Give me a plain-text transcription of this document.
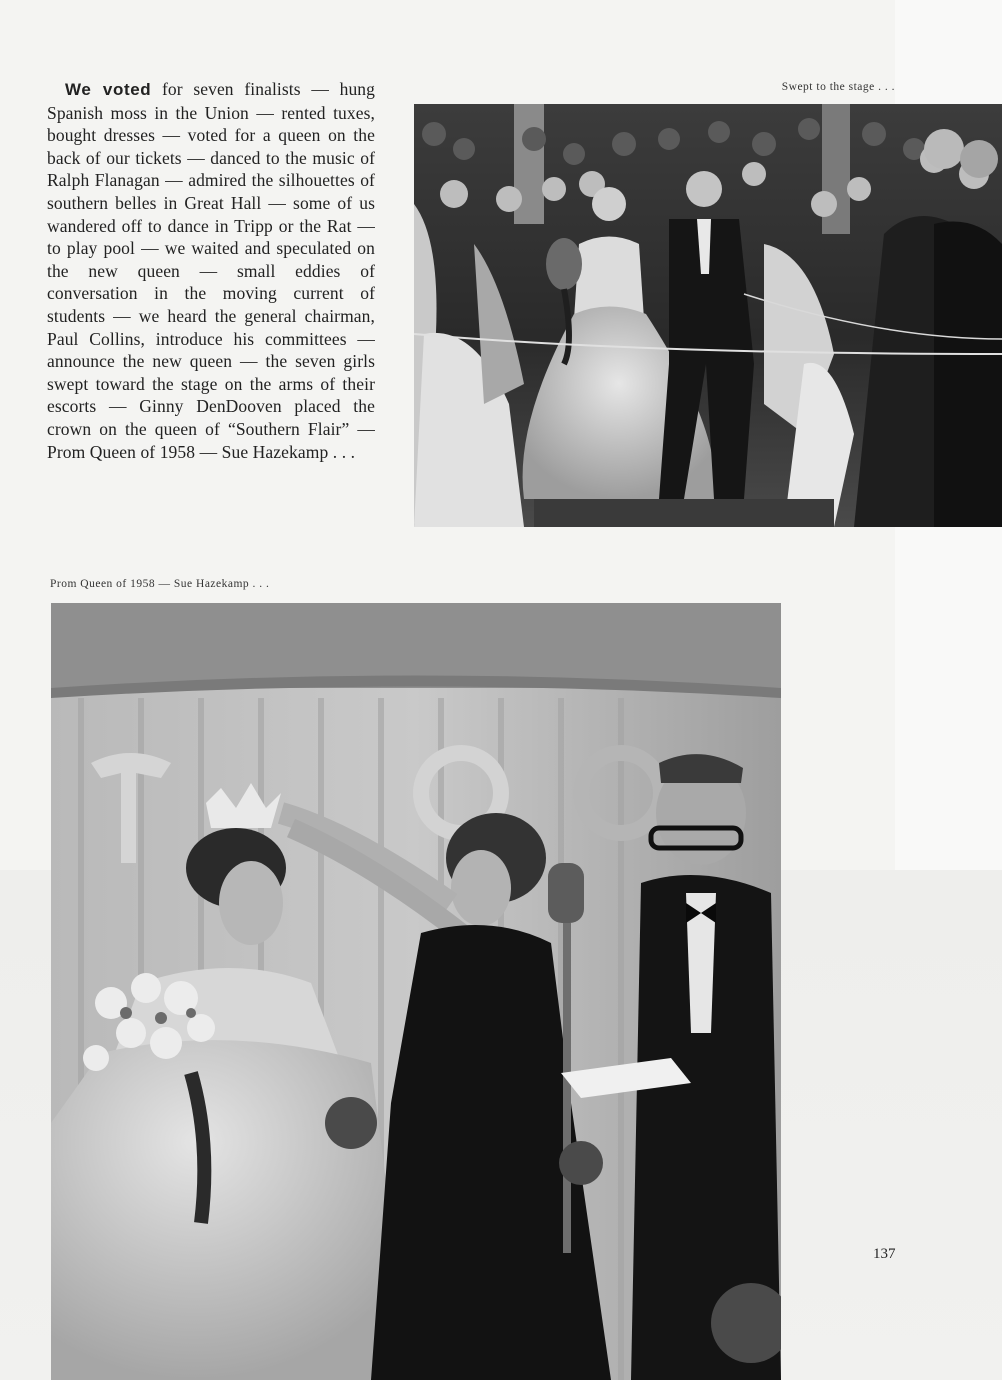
We voted for seven finalists — hung Spanish moss in the Union — rented tuxes, bought dresses — voted for a queen on the back of our tickets — danced to the music of Ralph Flanagan — admired the silhouettes of southern belles in Great Hall — some of us wandered off to dance in Tripp or the Rat — to play pool — we waited and speculated on the new queen — small eddies of conversation in the moving current of students — we heard the general chairman, Paul Collins, introduce his committees — announce the new queen — the seven girls swept toward the stage on the arms of their escorts — Ginny DenDooven placed the crown on the queen of “Southern Flair” — Prom Queen of 1958 — Sue Hazekamp . . .
Swept to the stage . . .
Prom Queen of 1958 — Sue Hazekamp . . .
137
